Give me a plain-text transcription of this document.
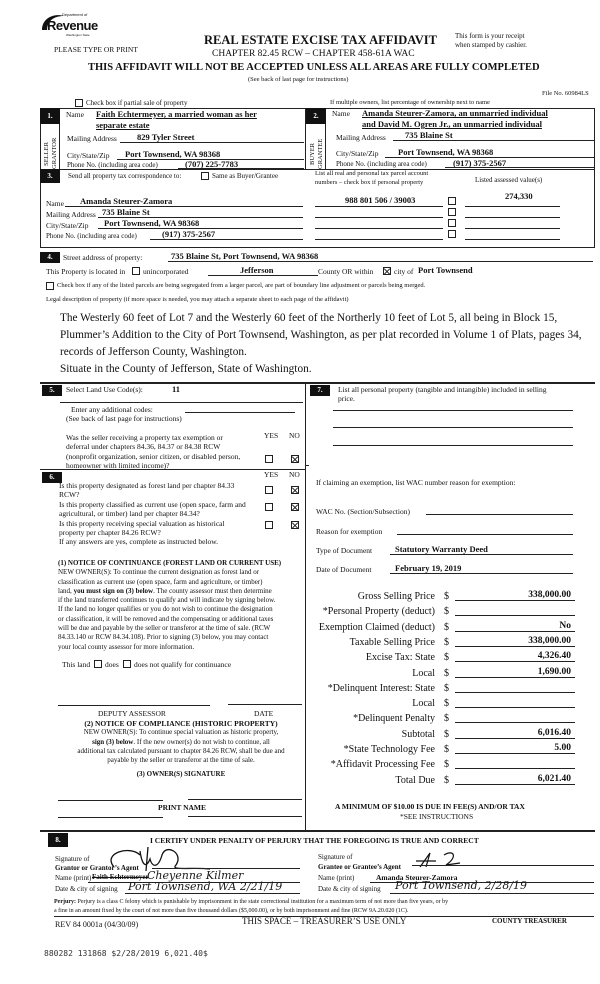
Department of
Revenue
Washington State
PLEASE TYPE OR PRINT
REAL ESTATE EXCISE TAX AFFIDAVIT
CHAPTER 82.45 RCW – CHAPTER 458-61A WAC
This form is your receipt
when stamped by cashier.
THIS AFFIDAVIT WILL NOT BE ACCEPTED UNLESS ALL AREAS ARE FULLY COMPLETED
(See back of last page for instructions)
File No. 60984LS
Check box if partial sale of property	If multiple owners, list percentage of ownership next to name
1.	2.
SELLER
GRANTOR	BUYER
GRANTEE
Name Faith Echtermeyer, a married woman as her
separate estate
Mailing Address 829 Tyler Street
City/State/Zip Port Townsend, WA 98368
Phone No. (including area code)	(707) 225-7783
Name Amanda Steurer-Zamora, an unmarried individual
and David M. Ogren Jr., an unmarried individual
Mailing Address 735 Blaine St
City/State/Zip Port Townsend, WA 98368
Phone No. (including area code)	(917) 375-2567
3.	Send all property tax correspondence to:	Same as Buyer/Grantee	List all real and personal tax parcel account
numbers – check box if personal property	Listed assessed value(s)
988 801 506 / 39003	274,330
Name Amanda Steurer-Zamora
Mailing Address 735 Blaine St
City/State/Zip Port Townsend, WA 98368
Phone No. (including area code)	(917) 375-2567
4.	Street address of property:	735 Blaine St, Port Townsend, WA 98368
This Property is located in unincorporated	Jefferson	County OR within	city of Port Townsend
Check box if any of the listed parcels are being segregated from a larger parcel, are part of boundary line adjustment or parcels being merged.
Legal description of property (if more space is needed, you may attach a separate sheet to each page of the affidavit)
The Westerly 60 feet of Lot 7 and the Westerly 60 feet of the Northerly 10 feet of Lot 5, all being in Block 15,
Plummer’s Addition to the City of Port Townsend, Washington, as per plat recorded in Volume 1 of Plats, pages 34,
records of Jefferson County, Washington.
Situate in the County of Jefferson, State of Washington.
5.	Select Land Use Code(s):	11
Enter any additional codes:
(See back of last page for instructions)
YES NO
Was the seller receiving a property tax exemption or
deferral under chapters 84.36, 84.37 or 84.38 RCW
(nonprofit organization, senior citizen, or disabled person,
homeowner with limited income)?
6.	YES NO
Is this property designated as forest land per chapter 84.33
RCW?
Is this property classified as current use (open space, farm and
agricultural, or timber) land per chapter 84.34?
Is this property receiving special valuation as historical
property per chapter 84.26 RCW?
If any answers are yes, complete as instructed below.
(1) NOTICE OF CONTINUANCE (FOREST LAND OR CURRENT USE)
NEW OWNER(S): To continue the current designation as forest land or
classification as current use (open space, farm and agriculture, or timber)
land, you must sign on (3) below. The county assessor must then determine
if the land transferred continues to qualify and will indicate by signing below.
If the land no longer qualifies or you do not wish to continue the designation
or classification, it will be removed and the compensating or additional taxes
will be due and payable by the seller or transferor at the time of sale. (RCW
84.33.140 or RCW 84.34.108). Prior to signing (3) below, you may contact
your local county assessor for more information.
This land does does not qualify for continuance
DEPUTY ASSESSOR	DATE
(2) NOTICE OF COMPLIANCE (HISTORIC PROPERTY)
NEW OWNER(S): To continue special valuation as historic property,
sign (3) below. If the new owner(s) do not wish to continue, all
additional tax calculated pursuant to chapter 84.26 RCW, shall be due and
payable by the seller or transferor at the time of sale.
(3) OWNER(S) SIGNATURE
PRINT NAME
7.	List all personal property (tangible and intangible) included in selling
price.
If claiming an exemption, list WAC number reason for exemption:
WAC No. (Section/Subsection)
Reason for exemption
Type of Document	Statutory Warranty Deed
Date of Document	February 19, 2019
Gross Selling Price $	338,000.00
*Personal Property (deduct) $
Exemption Claimed (deduct) $	No
Taxable Selling Price $	338,000.00
Excise Tax: State $	4,326.40
Local $	1,690.00
*Delinquent Interest: State $
Local $
*Delinquent Penalty $
Subtotal $	6,016.40
*State Technology Fee $	5.00
*Affidavit Processing Fee $
Total Due $	6,021.40
A MINIMUM OF $10.00 IS DUE IN FEE(S) AND/OR TAX
*SEE INSTRUCTIONS
8.	I CERTIFY UNDER PENALTY OF PERJURY THAT THE FOREGOING IS TRUE AND CORRECT
Signature of
Grantor or Grantor’s Agent
Name (print) Faith Echtermeyer
Cheyenne Kilmer
Date & city of signing Port Townsend, WA 2/21/19
Signature of
Grantee or Grantee’s Agent
Name (print)	Amanda Steurer-Zamora
Date & city of signing Port Townsend, 2/28/19
Perjury: Perjury is a class C felony which is punishable by imprisonment in the state correctional institution for a maximum term of not more than five years, or by
a fine in an amount fixed by the court of not more than five thousand dollars ($5,000.00), or by both imprisonment and fine (RCW 9A.20.020 (1C).
REV 84 0001a (04/30/09)	THIS SPACE – TREASURER’S USE ONLY	COUNTY TREASURER
880282 131868 $2/28/2019 6,021.40$
